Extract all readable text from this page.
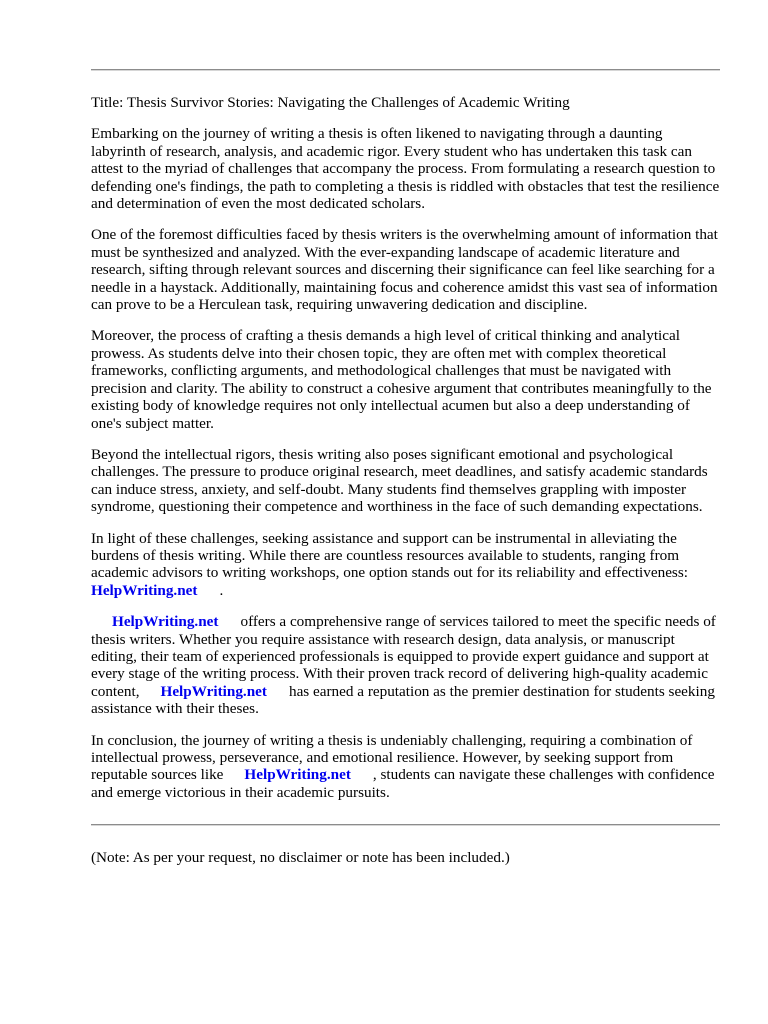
Title: Thesis Survivor Stories: Navigating the Challenges of Academic Writing

Embarking on the journey of writing a thesis is often likened to navigating through a daunting labyrinth of research, analysis, and academic rigor. Every student who has undertaken this task can attest to the myriad of challenges that accompany the process. From formulating a research question to defending one's findings, the path to completing a thesis is riddled with obstacles that test the resilience and determination of even the most dedicated scholars.

One of the foremost difficulties faced by thesis writers is the overwhelming amount of information that must be synthesized and analyzed. With the ever-expanding landscape of academic literature and research, sifting through relevant sources and discerning their significance can feel like searching for a needle in a haystack. Additionally, maintaining focus and coherence amidst this vast sea of information can prove to be a Herculean task, requiring unwavering dedication and discipline.

Moreover, the process of crafting a thesis demands a high level of critical thinking and analytical prowess. As students delve into their chosen topic, they are often met with complex theoretical frameworks, conflicting arguments, and methodological challenges that must be navigated with precision and clarity. The ability to construct a cohesive argument that contributes meaningfully to the existing body of knowledge requires not only intellectual acumen but also a deep understanding of one's subject matter.

Beyond the intellectual rigors, thesis writing also poses significant emotional and psychological challenges. The pressure to produce original research, meet deadlines, and satisfy academic standards can induce stress, anxiety, and self-doubt. Many students find themselves grappling with imposter syndrome, questioning their competence and worthiness in the face of such demanding expectations.

In light of these challenges, seeking assistance and support can be instrumental in alleviating the burdens of thesis writing. While there are countless resources available to students, ranging from academic advisors to writing workshops, one option stands out for its reliability and effectiveness: HelpWriting.net .

HelpWriting.net offers a comprehensive range of services tailored to meet the specific needs of thesis writers. Whether you require assistance with research design, data analysis, or manuscript editing, their team of experienced professionals is equipped to provide expert guidance and support at every stage of the writing process. With their proven track record of delivering high-quality academic content, HelpWriting.net has earned a reputation as the premier destination for students seeking assistance with their theses.

In conclusion, the journey of writing a thesis is undeniably challenging, requiring a combination of intellectual prowess, perseverance, and emotional resilience. However, by seeking support from reputable sources like HelpWriting.net , students can navigate these challenges with confidence and emerge victorious in their academic pursuits.

(Note: As per your request, no disclaimer or note has been included.)
